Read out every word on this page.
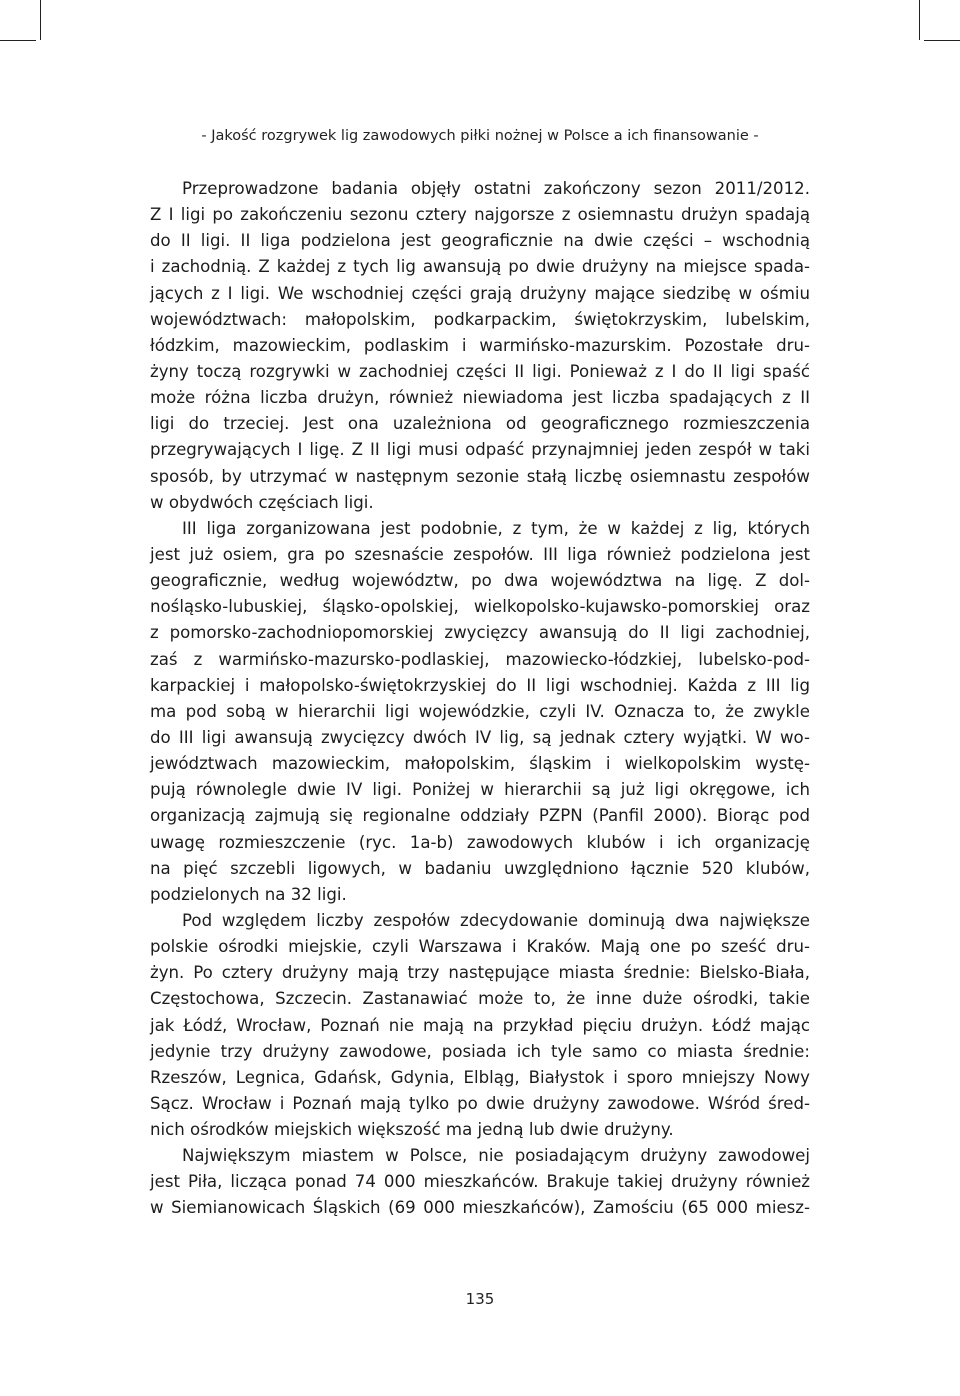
- Jakość rozgrywek lig zawodowych piłki nożnej w Polsce a ich finansowanie -
Przeprowadzone badania objęły ostatni zakończony sezon 2011/2012.
Z I ligi po zakończeniu sezonu cztery najgorsze z osiemnastu drużyn spadają
do II ligi. II liga podzielona jest geograficznie na dwie części – wschodnią
i zachodnią. Z każdej z tych lig awansują po dwie drużyny na miejsce spada-
jących z I ligi. We wschodniej części grają drużyny mające siedzibę w ośmiu
województwach: małopolskim, podkarpackim, świętokrzyskim, lubelskim,
łódzkim, mazowieckim, podlaskim i warmińsko-mazurskim. Pozostałe dru-
żyny toczą rozgrywki w zachodniej części II ligi. Ponieważ z I do II ligi spaść
może różna liczba drużyn, również niewiadoma jest liczba spadających z II
ligi do trzeciej. Jest ona uzależniona od geograficznego rozmieszczenia
przegrywających I ligę. Z II ligi musi odpaść przynajmniej jeden zespół w taki
sposób, by utrzymać w następnym sezonie stałą liczbę osiemnastu zespołów
w obydwóch częściach ligi.
III liga zorganizowana jest podobnie, z tym, że w każdej z lig, których
jest już osiem, gra po szesnaście zespołów. III liga również podzielona jest
geograficznie, według województw, po dwa województwa na ligę. Z dol-
nośląsko-lubuskiej, śląsko-opolskiej, wielkopolsko-kujawsko-pomorskiej oraz
z pomorsko-zachodniopomorskiej zwycięzcy awansują do II ligi zachodniej,
zaś z warmińsko-mazursko-podlaskiej, mazowiecko-łódzkiej, lubelsko-pod-
karpackiej i małopolsko-świętokrzyskiej do II ligi wschodniej. Każda z III lig
ma pod sobą w hierarchii ligi wojewódzkie, czyli IV. Oznacza to, że zwykle
do III ligi awansują zwycięzcy dwóch IV lig, są jednak cztery wyjątki. W wo-
jewództwach mazowieckim, małopolskim, śląskim i wielkopolskim wystę-
pują równolegle dwie IV ligi. Poniżej w hierarchii są już ligi okręgowe, ich
organizacją zajmują się regionalne oddziały PZPN (Panfil 2000). Biorąc pod
uwagę rozmieszczenie (ryc. 1a-b) zawodowych klubów i ich organizację
na pięć szczebli ligowych, w badaniu uwzględniono łącznie 520 klubów,
podzielonych na 32 ligi.
Pod względem liczby zespołów zdecydowanie dominują dwa największe
polskie ośrodki miejskie, czyli Warszawa i Kraków. Mają one po sześć dru-
żyn. Po cztery drużyny mają trzy następujące miasta średnie: Bielsko-Biała,
Częstochowa, Szczecin. Zastanawiać może to, że inne duże ośrodki, takie
jak Łódź, Wrocław, Poznań nie mają na przykład pięciu drużyn. Łódź mając
jedynie trzy drużyny zawodowe, posiada ich tyle samo co miasta średnie:
Rzeszów, Legnica, Gdańsk, Gdynia, Elbląg, Białystok i sporo mniejszy Nowy
Sącz. Wrocław i Poznań mają tylko po dwie drużyny zawodowe. Wśród śred-
nich ośrodków miejskich większość ma jedną lub dwie drużyny.
Największym miastem w Polsce, nie posiadającym drużyny zawodowej
jest Piła, licząca ponad 74 000 mieszkańców. Brakuje takiej drużyny również
w Siemianowicach Śląskich (69 000 mieszkańców), Zamościu (65 000 miesz-
135
